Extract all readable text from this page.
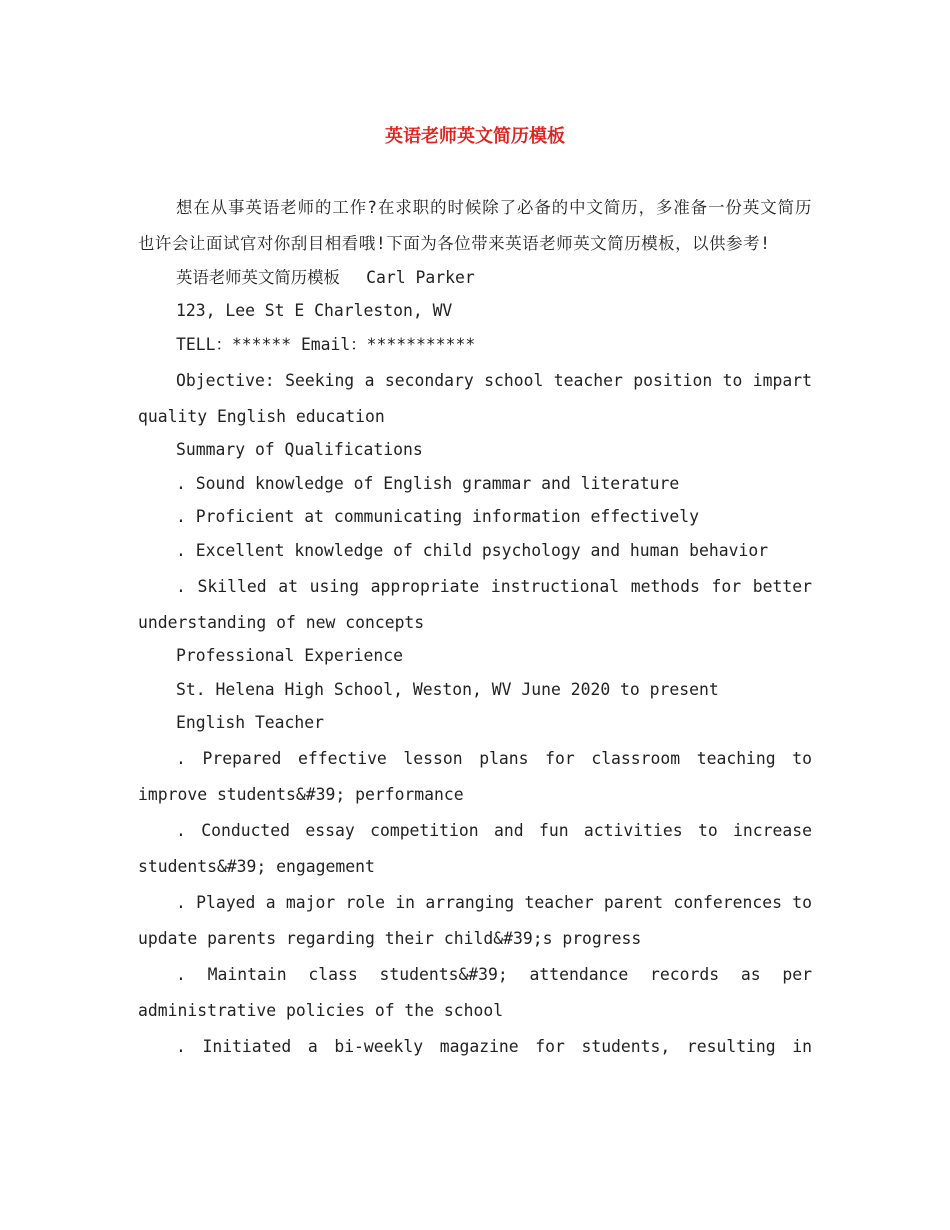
英语老师英文简历模板

想在从事英语老师的工作?在求职的时候除了必备的中文简历，多准备一份英文简历也许会让面试官对你刮目相看哦!下面为各位带来英语老师英文简历模板，以供参考!

英语老师英文简历模板　 Carl Parker

123, Lee St E Charleston, WV

TELL：****** Email：***********

Objective: Seeking a secondary school teacher position to impart quality English education

Summary of Qualifications

. Sound knowledge of English grammar and literature

. Proficient at communicating information effectively

. Excellent knowledge of child psychology and human behavior

. Skilled at using appropriate instructional methods for better understanding of new concepts

Professional Experience

St. Helena High School, Weston, WV June 2020 to present

English Teacher

. Prepared effective lesson plans for classroom teaching to improve students&#39; performance

. Conducted essay competition and fun activities to increase students&#39; engagement

. Played a major role in arranging teacher parent conferences to update parents regarding their child&#39;s progress

. Maintain class students&#39; attendance records as per administrative policies of the school

. Initiated a bi-weekly magazine for students, resulting in
